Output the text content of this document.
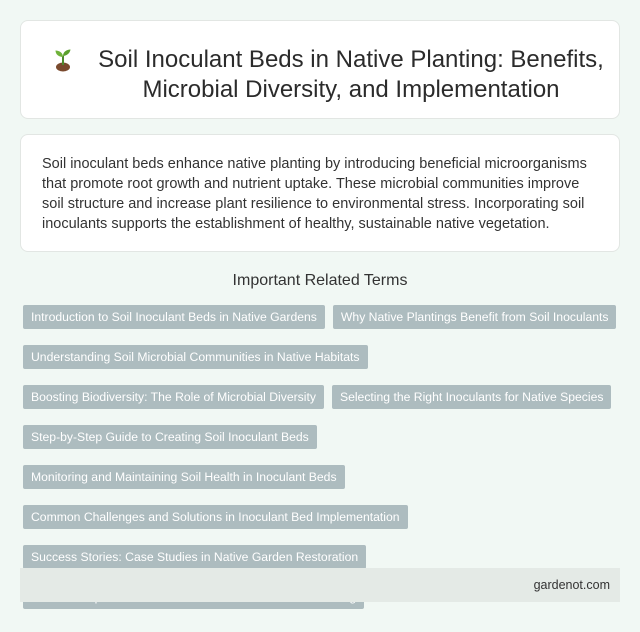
Soil Inoculant Beds in Native Planting: Benefits, Microbial Diversity, and Implementation

Soil inoculant beds enhance native planting by introducing beneficial microorganisms that promote root growth and nutrient uptake. These microbial communities improve soil structure and increase plant resilience to environmental stress. Incorporating soil inoculants supports the establishment of healthy, sustainable native vegetation.

Important Related Terms
Introduction to Soil Inoculant Beds in Native Gardens	Why Native Plantings Benefit from Soil Inoculants
Understanding Soil Microbial Communities in Native Habitats
Boosting Biodiversity: The Role of Microbial Diversity	Selecting the Right Inoculants for Native Species
Step-by-Step Guide to Creating Soil Inoculant Beds
Monitoring and Maintaining Soil Health in Inoculant Beds
Common Challenges and Solutions in Inoculant Bed Implementation
Success Stories: Case Studies in Native Garden Restoration
gardenot.com
